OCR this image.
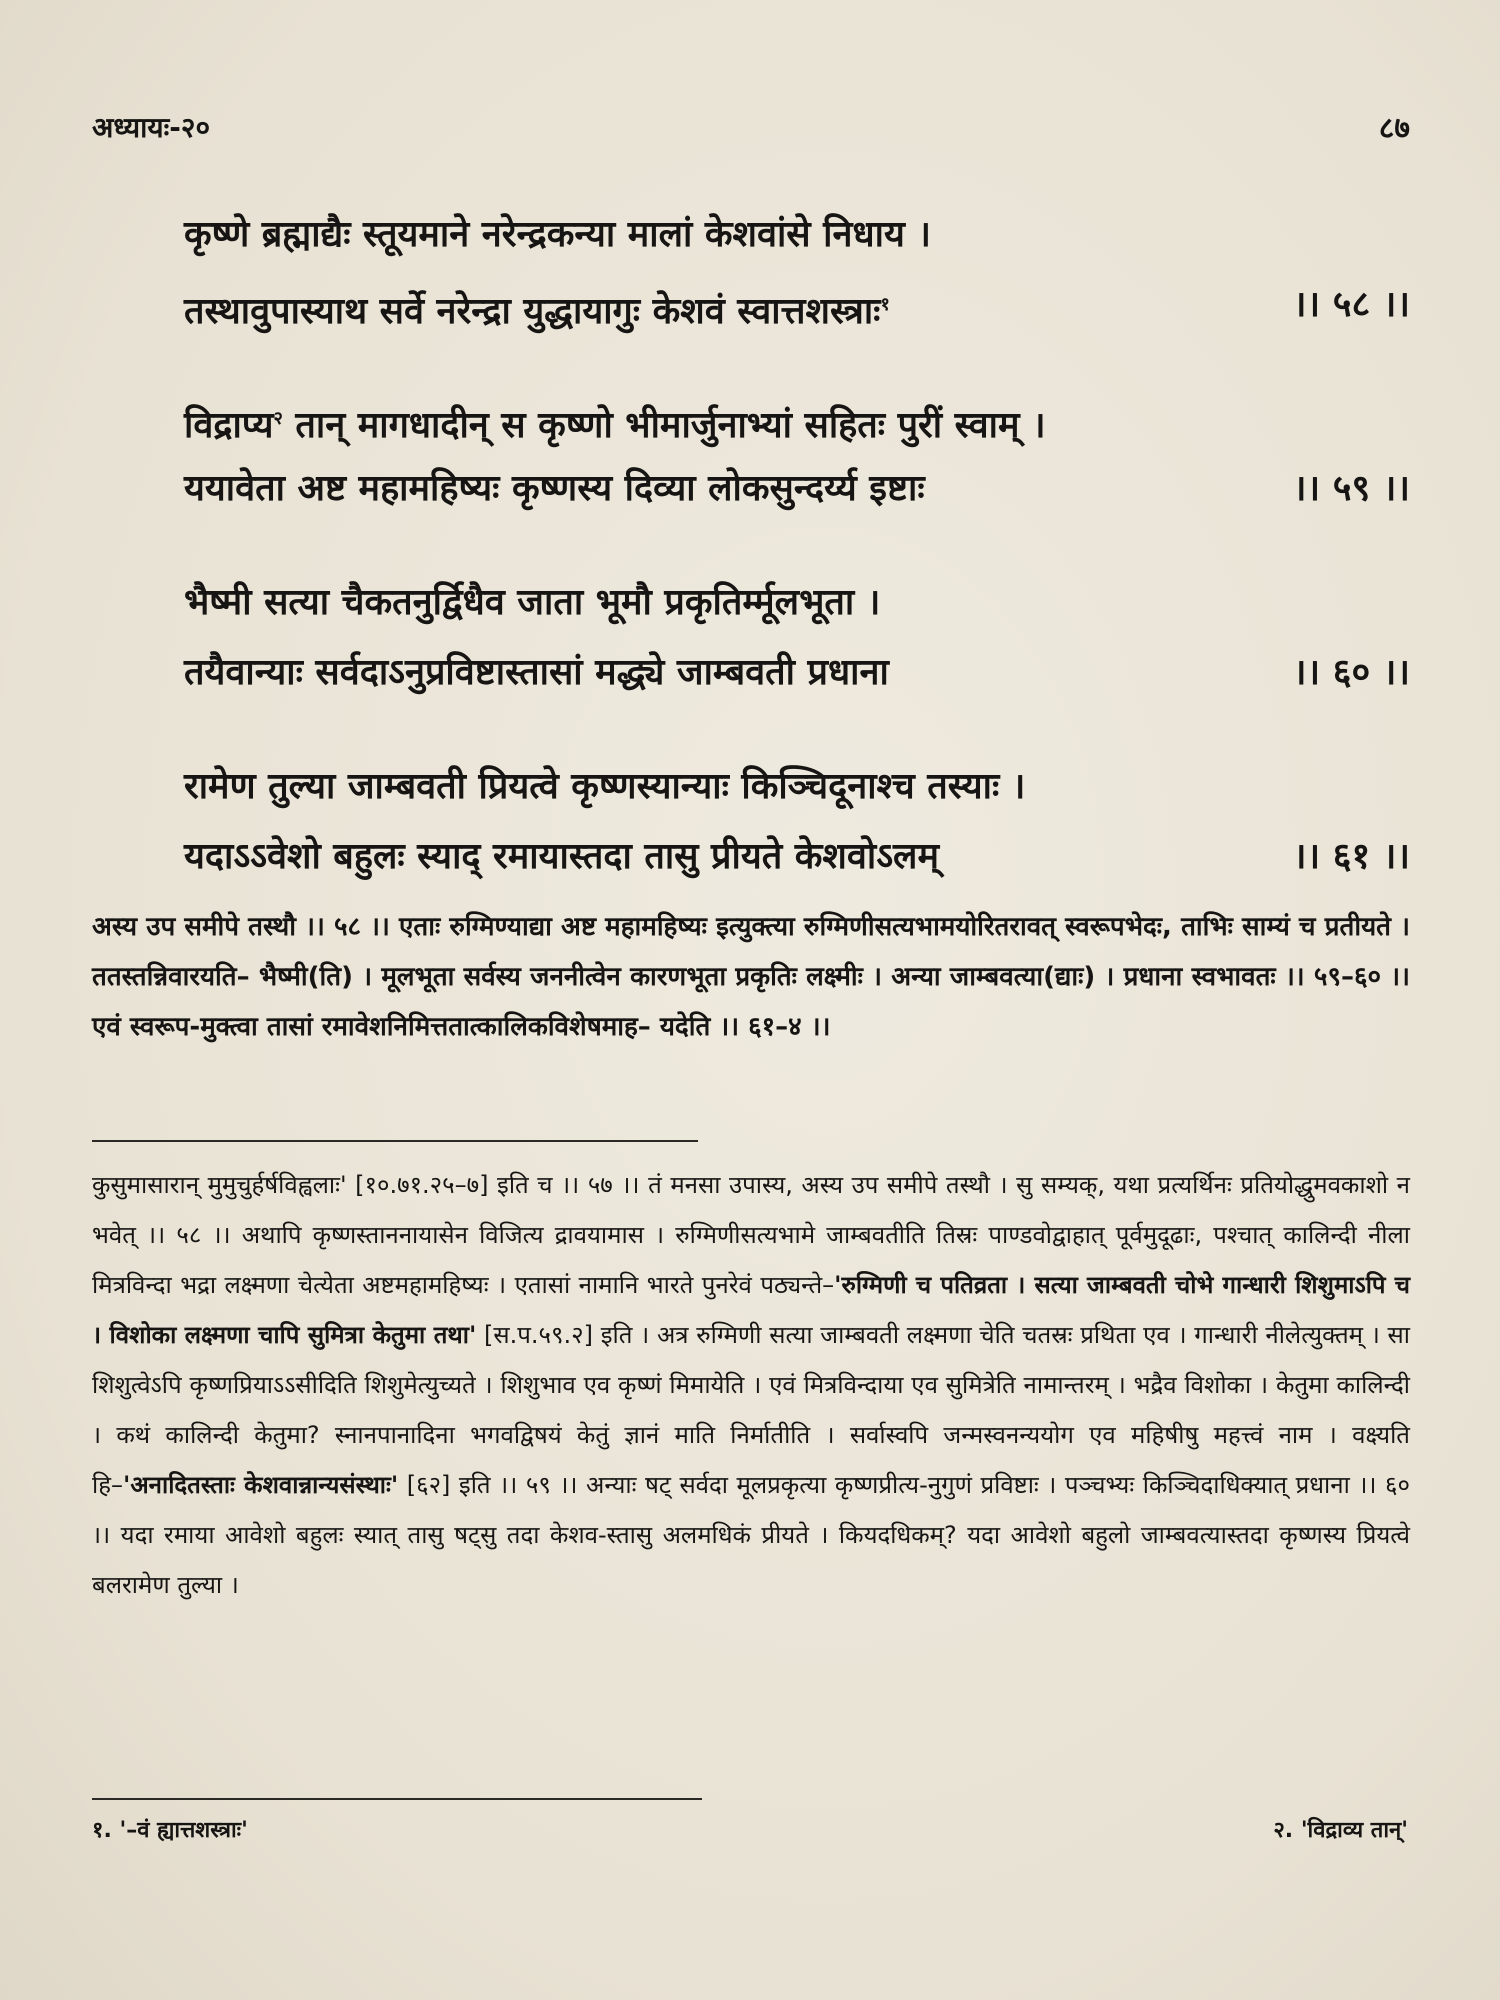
अध्यायः-२०	८७
कृष्णे ब्रह्माद्यैः स्तूयमाने नरेन्द्रकन्या मालां केशवांसे निधाय ।
तस्थावुपास्याथ सर्वे नरेन्द्रा युद्धायागुः केशवं स्वात्तशस्त्राः$^१$	।। ५८ ।।
विद्राप्य$^२$ तान् मागधादीन् स कृष्णो भीमार्जुनाभ्यां सहितः पुरीं स्वाम् ।
ययावेता अष्ट महामहिष्यः कृष्णस्य दिव्या लोकसुन्दर्य्य इष्टाः	।। ५९ ।।
भैष्मी सत्या चैकतनुर्द्विधैव जाता भूमौ प्रकृतिर्म्मूलभूता ।
तयैवान्याः सर्वदाऽनुप्रविष्टास्तासां मद्ध्ये जाम्बवती प्रधाना	।। ६० ।।
रामेण तुल्या जाम्बवती प्रियत्वे कृष्णस्यान्याः किञ्चिदूनाश्च तस्याः ।
यदाऽऽवेशो बहुलः स्याद् रमायास्तदा तासु प्रीयते केशवोऽलम्	।। ६१ ।।
अस्य उप समीपे तस्थौ ।। ५८ ।। एताः रुग्मिण्याद्या अष्ट महामहिष्यः इत्युक्त्या रुग्मिणीसत्यभामयोरितरावत् स्वरूपभेदः, ताभिः साम्यं च प्रतीयते । ततस्तन्निवारयति– भैष्मी(ति) । मूलभूता सर्वस्य जननीत्वेन कारणभूता प्रकृतिः लक्ष्मीः । अन्या जाम्बवत्या(द्याः) । प्रधाना स्वभावतः ।। ५९–६० ।। एवं स्वरूप-मुक्त्वा तासां रमावेशनिमित्ततात्कालिकविशेषमाह– यदेति ।। ६१–४ ।।
कुसुमासारान् मुमुचुर्हर्षविह्वलाः' [१०.७१.२५–७] इति च ।। ५७ ।। तं मनसा उपास्य, अस्य उप समीपे तस्थौ । सु सम्यक्, यथा प्रत्यर्थिनः प्रतियोद्धुमवकाशो न भवेत् ।। ५८ ।। अथापि कृष्णस्ताननायासेन विजित्य द्रावयामास । रुग्मिणीसत्यभामे जाम्बवतीति तिस्रः पाण्डवोद्वाहात् पूर्वमुदूढाः, पश्चात् कालिन्दी नीला मित्रविन्दा भद्रा लक्ष्मणा चेत्येता अष्टमहामहिष्यः । एतासां नामानि भारते पुनरेवं पठ्यन्ते–'रुग्मिणी च पतिव्रता । सत्या जाम्बवती चोभे गान्धारी शिशुमाऽपि च । विशोका लक्ष्मणा चापि सुमित्रा केतुमा तथा' [स.प.५९.२] इति । अत्र रुग्मिणी सत्या जाम्बवती लक्ष्मणा चेति चतस्रः प्रथिता एव । गान्धारी नीलेत्युक्तम् । सा शिशुत्वेऽपि कृष्णप्रियाऽऽसीदिति शिशुमेत्युच्यते । शिशुभाव एव कृष्णं मिमायेति । एवं मित्रविन्दाया एव सुमित्रेति नामान्तरम् । भद्रैव विशोका । केतुमा कालिन्दी । कथं कालिन्दी केतुमा? स्नानपानादिना भगवद्विषयं केतुं ज्ञानं माति निर्मातीति । सर्वास्वपि जन्मस्वनन्ययोग एव महिषीषु महत्त्वं नाम । वक्ष्यति हि–'अनादितस्ताः केशवान्नान्यसंस्थाः' [६२] इति ।। ५९ ।। अन्याः षट् सर्वदा मूलप्रकृत्या कृष्णप्रीत्य-नुगुणं प्रविष्टाः । पञ्चभ्यः किञ्चिदाधिक्यात् प्रधाना ।। ६० ।। यदा रमाया आवेशो बहुलः स्यात् तासु षट्सु तदा केशव-स्तासु अलमधिकं प्रीयते । कियदधिकम्? यदा आवेशो बहुलो जाम्बवत्यास्तदा कृष्णस्य प्रियत्वे बलरामेण तुल्या ।
१. '–वं ह्यात्तशस्त्राः'	२. 'विद्राव्य तान्'
